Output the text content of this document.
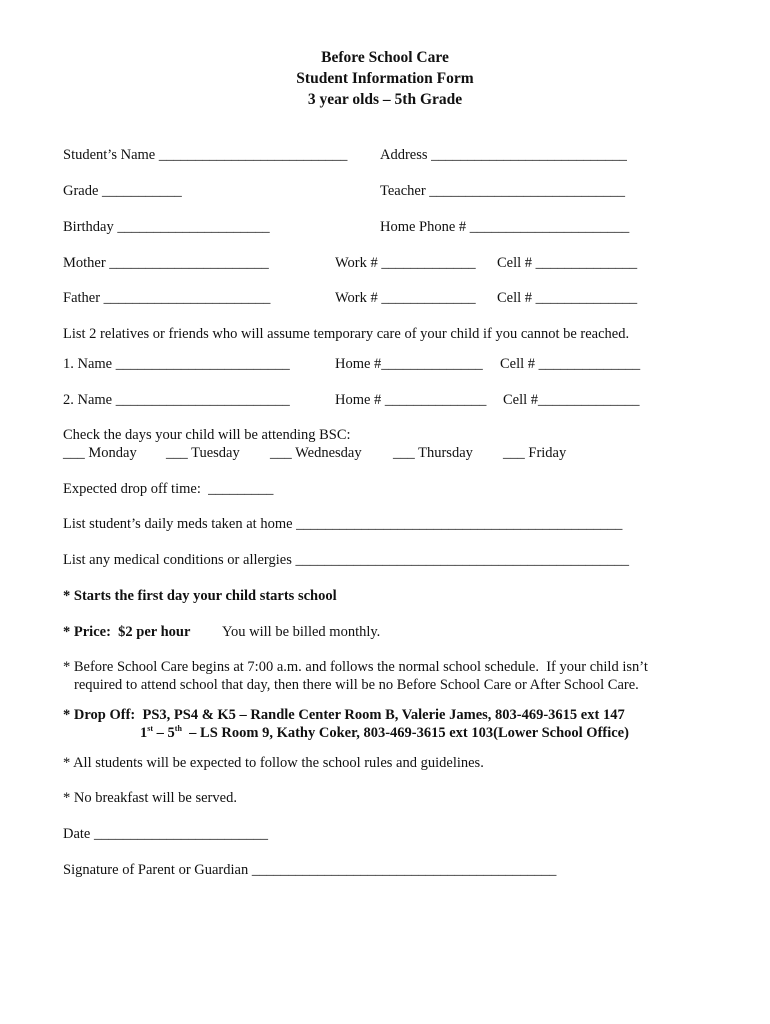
Before School Care
Student Information Form
3 year olds – 5th Grade
Student’s Name __________________________ Address ___________________________
Grade ___________	Teacher ___________________________
Birthday _____________________	Home Phone # ______________________
Mother ______________________	Work # _____________ Cell # ______________
Father _______________________	Work # _____________ Cell # ______________
List 2 relatives or friends who will assume temporary care of your child if you cannot be reached.
1. Name ________________________	Home #______________ Cell # ______________
2. Name ________________________	Home # ______________ Cell #______________
Check the days your child will be attending BSC:
___ Monday ___ Tuesday ___ Wednesday ___ Thursday ___ Friday
Expected drop off time:  _________
List student’s daily meds taken at home _____________________________________________
List any medical conditions or allergies ______________________________________________
* Starts the first day your child starts school
* Price:  $2 per hour You will be billed monthly.
* Before School Care begins at 7:00 a.m. and follows the normal school schedule.  If your child isn’t
required to attend school that day, then there will be no Before School Care or After School Care.
* Drop Off:  PS3, PS4 & K5 – Randle Center Room B, Valerie James, 803-469-3615 ext 147
1st – 5th  – LS Room 9, Kathy Coker, 803-469-3615 ext 103(Lower School Office)
* All students will be expected to follow the school rules and guidelines.
* No breakfast will be served.
Date ________________________
Signature of Parent or Guardian __________________________________________
